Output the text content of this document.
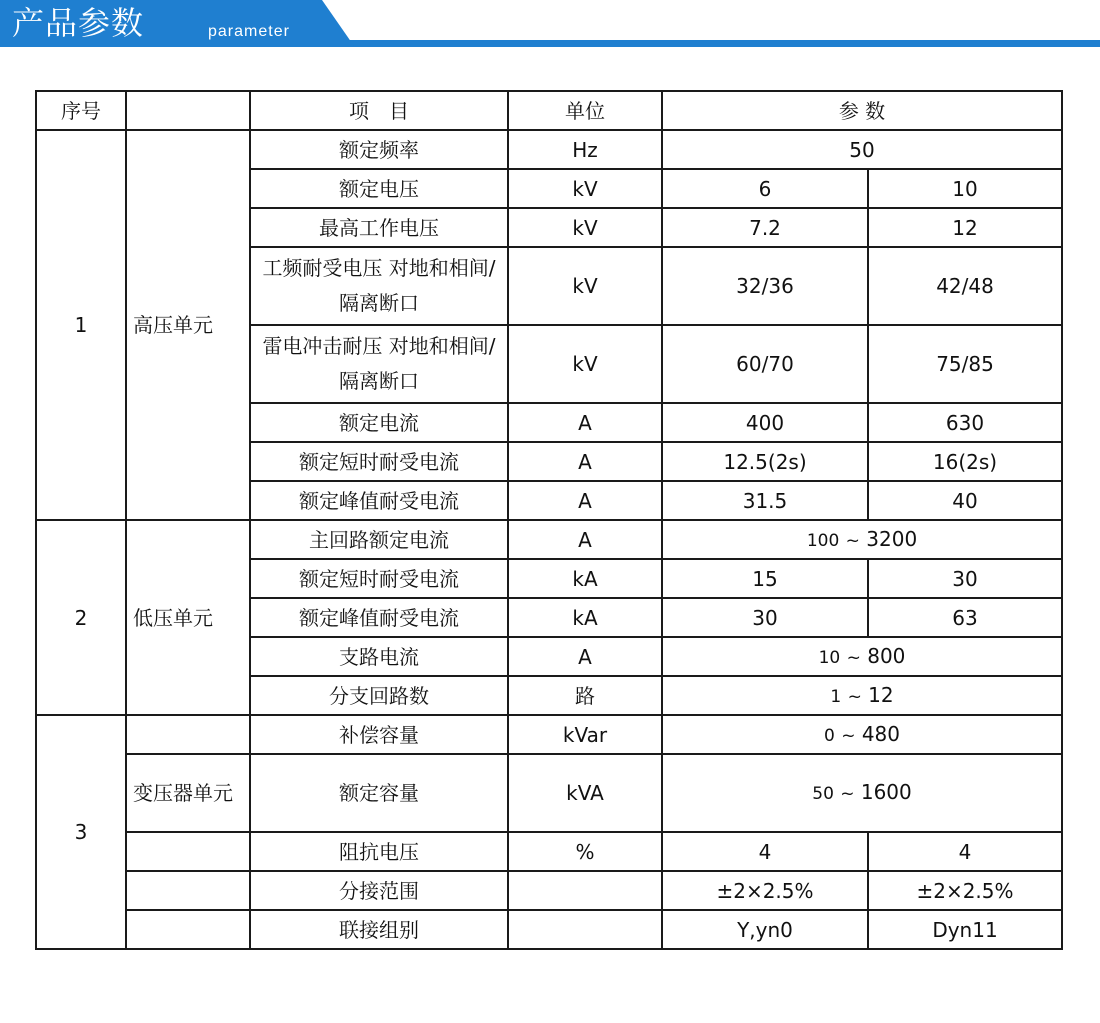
产品参数	parameter
序号		项　目	单位	参 数	
1	高压单元	额定频率	Hz	50	
		额定电压	kV	6	10
		最高工作电压	kV	7.2	12
		工频耐受电压 对地和相间/隔离断口	kV	32/36	42/48
		雷电冲击耐压 对地和相间/隔离断口	kV	60/70	75/85
		额定电流	A	400	630
		额定短时耐受电流	A	12.5(2s)	16(2s)
		额定峰值耐受电流	A	31.5	40
2	低压单元	主回路额定电流	A	100 ~ 3200	
		额定短时耐受电流	kA	15	30
		额定峰值耐受电流	kA	30	63
		支路电流	A	10 ~ 800	
		分支回路数	路	1 ~ 12	
3		补偿容量	kVar	0 ~ 480	
	变压器单元	额定容量	kVA	50 ~ 1600	
		阻抗电压	%	4	4
		分接范围		±2×2.5%	±2×2.5%
		联接组别		Y,yn0	Dyn11
